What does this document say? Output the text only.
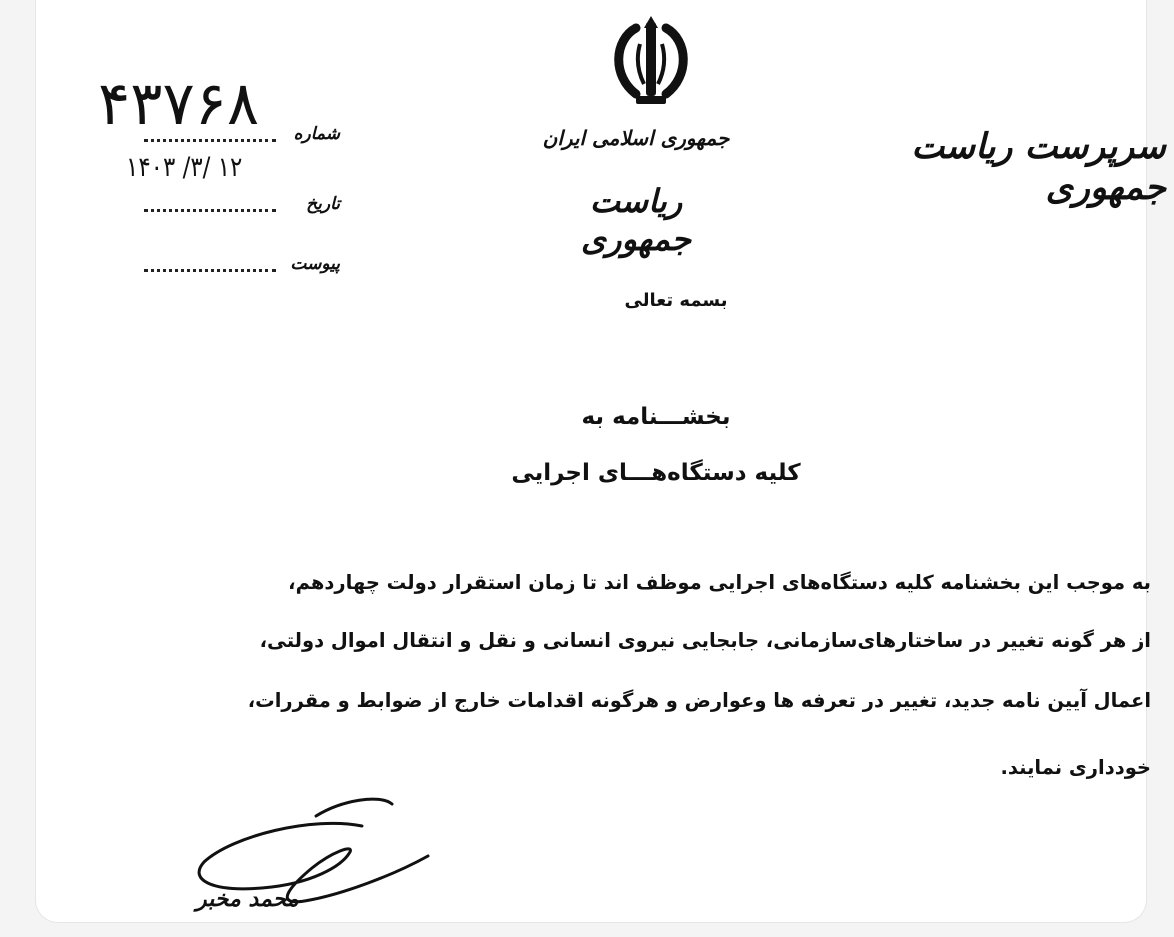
جمهوری اسلامی ایران
ریاست جمهوری
سرپرست ریاست جمهوری
۴۳۷۶۸ شماره
۱۴۰۳ /۳/ ۱۲
تاریخ
پیوست
بسمه تعالی
بخشـــنامه به
کلیه دستگاه‌هـــای اجرایی
به موجب این بخشنامه کلیه دستگاه‌های اجرایی موظف اند تا زمان استقرار دولت چهاردهم،
از هر گونه تغییر در ساختارهای‌سازمانی، جابجایی نیروی انسانی و نقل و انتقال اموال دولتی،
اعمال آیین نامه جدید، تغییر در تعرفه ها وعوارض و هرگونه اقدامات خارج از ضوابط و مقررات،
خودداری نمایند.
محمد مخبر
